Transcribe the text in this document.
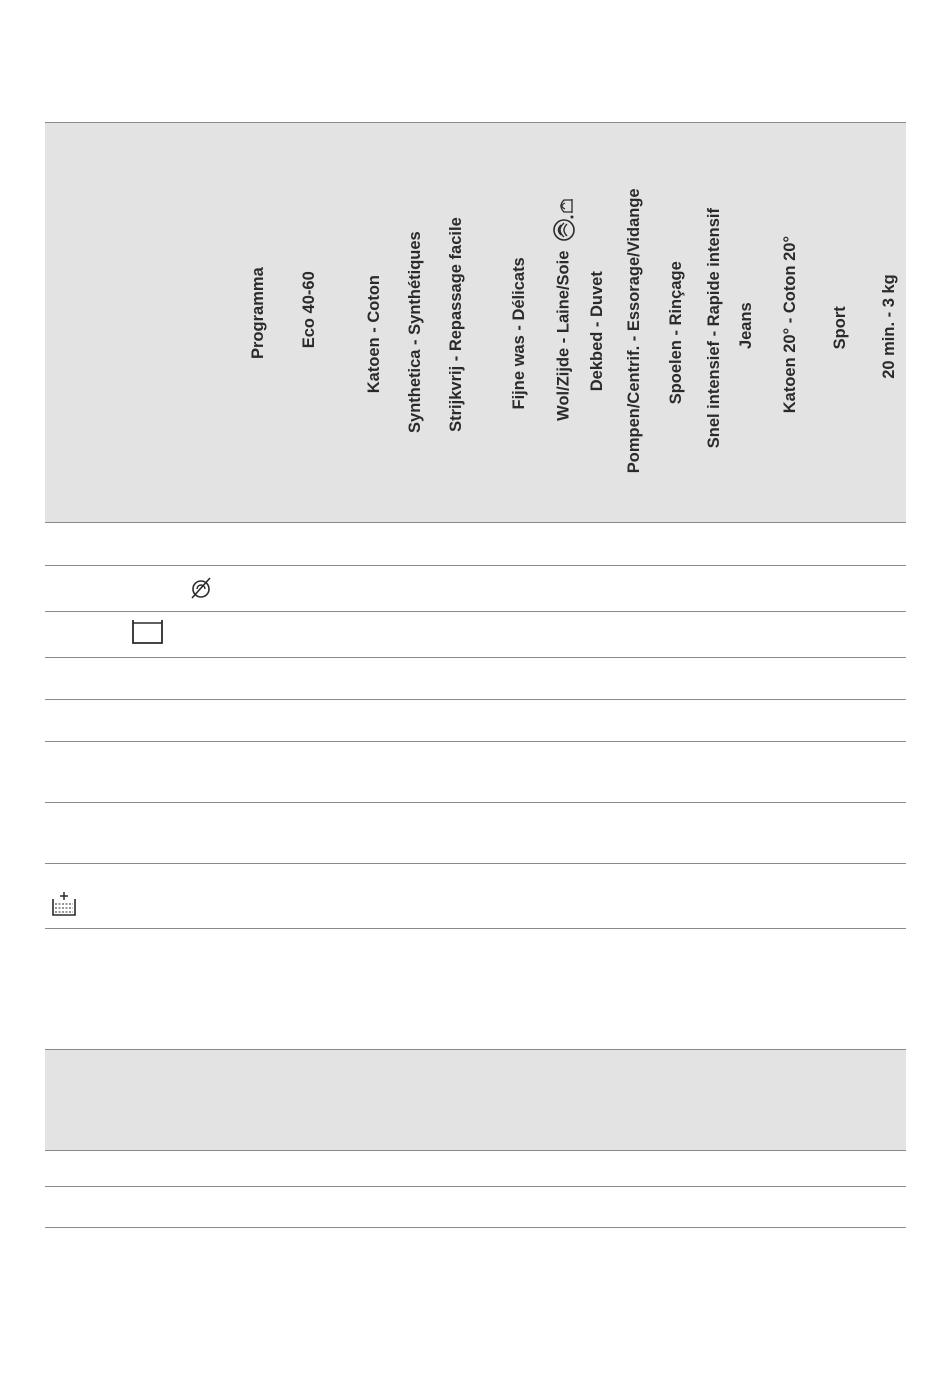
Programma Eco 40-60	Katoen - Coton Synthetica - Synthétiques Strijkvrij - Repassage facile	Fijne was - Délicats Wol/Zijde - Laine/Soie Dekbed - Duvet Pompen/Centrif. - Essorage/Vidange Spoelen - Rinçage Snel intensief - Rapide intensif Jeans Katoen 20° - Coton 20° Sport 20 min. - 3 kg
